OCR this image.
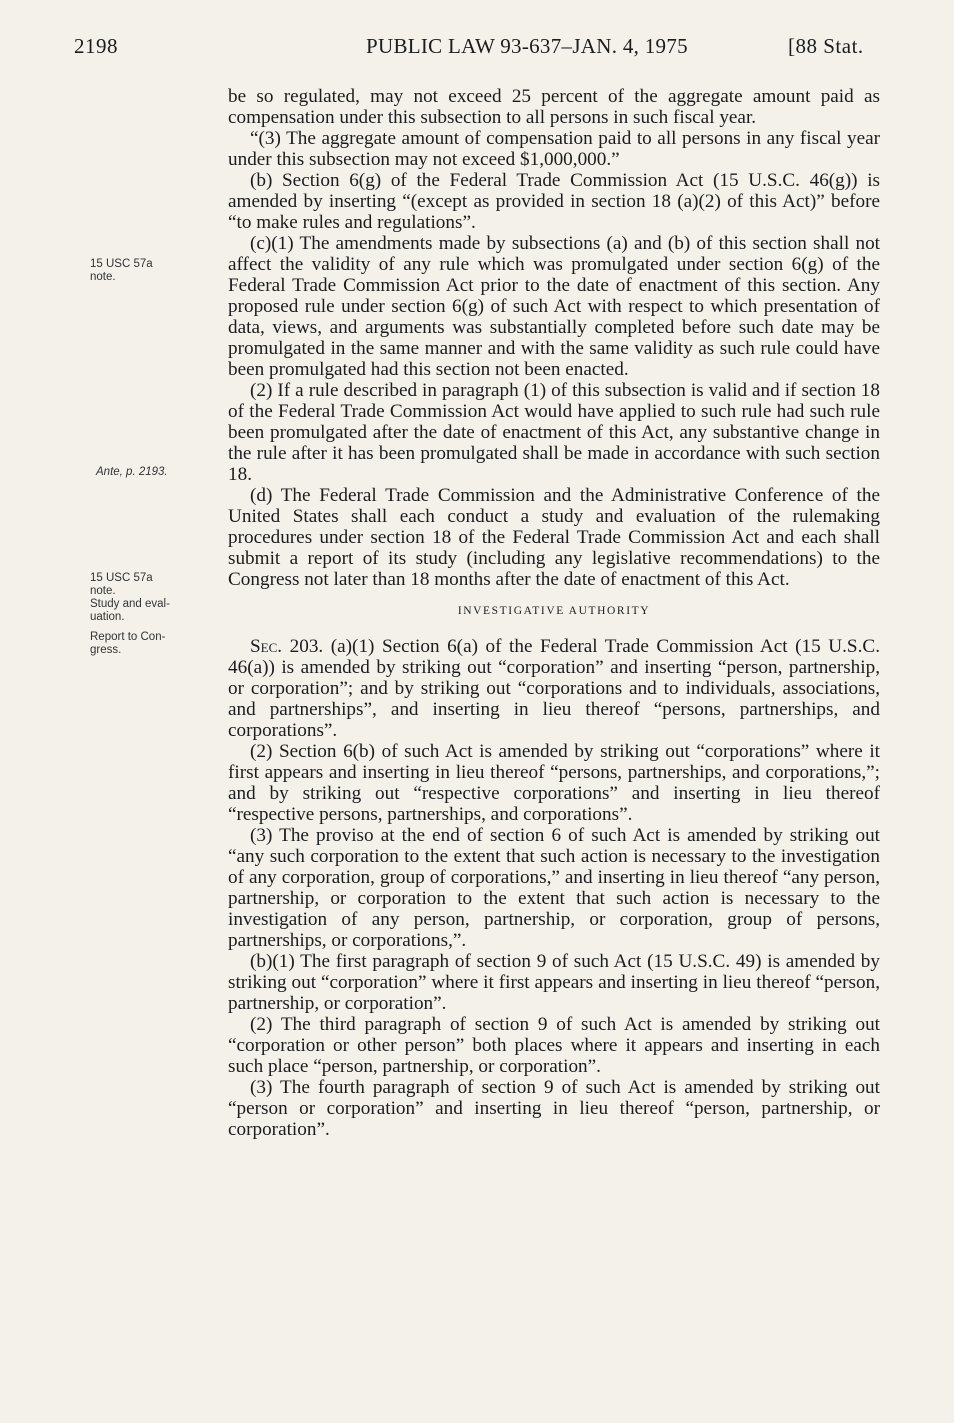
2198	PUBLIC LAW 93-637–JAN. 4, 1975	[88 Stat.
15 USC 57a
note.
Ante, p. 2193.
15 USC 57a
note.
Study and eval-
uation.
Report to Con-
gress.

be so regulated, may not exceed 25 percent of the aggregate amount paid as compensation under this subsection to all persons in such fiscal year.

“(3) The aggregate amount of compensation paid to all persons in any fiscal year under this subsection may not exceed $1,000,000.”

(b) Section 6(g) of the Federal Trade Commission Act (15 U.S.C. 46(g)) is amended by inserting “(except as provided in section 18 (a)(2) of this Act)” before “to make rules and regulations”.

(c)(1) The amendments made by subsections (a) and (b) of this section shall not affect the validity of any rule which was promulgated under section 6(g) of the Federal Trade Commission Act prior to the date of enactment of this section. Any proposed rule under section 6(g) of such Act with respect to which presentation of data, views, and arguments was substantially completed before such date may be promulgated in the same manner and with the same validity as such rule could have been promulgated had this section not been enacted.

(2) If a rule described in paragraph (1) of this subsection is valid and if section 18 of the Federal Trade Commission Act would have applied to such rule had such rule been promulgated after the date of enactment of this Act, any substantive change in the rule after it has been promulgated shall be made in accordance with such section 18.

(d) The Federal Trade Commission and the Administrative Conference of the United States shall each conduct a study and evaluation of the rulemaking procedures under section 18 of the Federal Trade Commission Act and each shall submit a report of its study (including any legislative recommendations) to the Congress not later than 18 months after the date of enactment of this Act.

INVESTIGATIVE AUTHORITY

Sec. 203. (a)(1) Section 6(a) of the Federal Trade Commission Act (15 U.S.C. 46(a)) is amended by striking out “corporation” and inserting “person, partnership, or corporation”; and by striking out “corporations and to individuals, associations, and partnerships”, and inserting in lieu thereof “persons, partnerships, and corporations”.

(2) Section 6(b) of such Act is amended by striking out “corporations” where it first appears and inserting in lieu thereof “persons, partnerships, and corporations,”; and by striking out “respective corporations” and inserting in lieu thereof “respective persons, partnerships, and corporations”.

(3) The proviso at the end of section 6 of such Act is amended by striking out “any such corporation to the extent that such action is necessary to the investigation of any corporation, group of corporations,” and inserting in lieu thereof “any person, partnership, or corporation to the extent that such action is necessary to the investigation of any person, partnership, or corporation, group of persons, partnerships, or corporations,”.

(b)(1) The first paragraph of section 9 of such Act (15 U.S.C. 49) is amended by striking out “corporation” where it first appears and inserting in lieu thereof “person, partnership, or corporation”.

(2) The third paragraph of section 9 of such Act is amended by striking out “corporation or other person” both places where it appears and inserting in each such place “person, partnership, or corporation”.

(3) The fourth paragraph of section 9 of such Act is amended by striking out “person or corporation” and inserting in lieu thereof “person, partnership, or corporation”.
